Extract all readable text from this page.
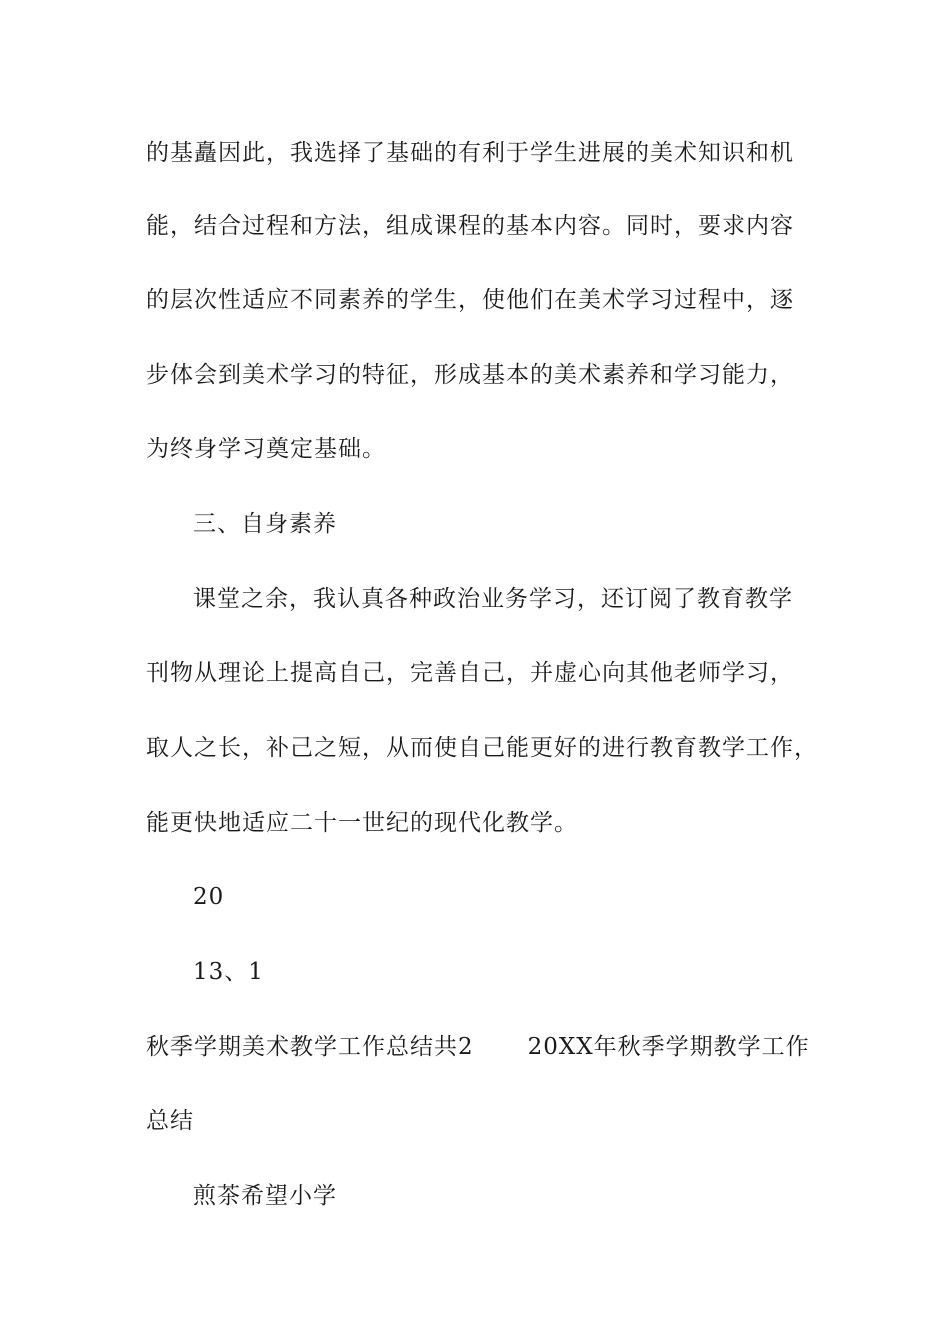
的基矗因此，我选择了基础的有利于学生进展的美术知识和机
能，结合过程和方法，组成课程的基本内容。同时，要求内容
的层次性适应不同素养的学生，使他们在美术学习过程中，逐
步体会到美术学习的特征，形成基本的美术素养和学习能力，
为终身学习奠定基础。
三、自身素养
课堂之余，我认真各种政治业务学习，还订阅了教育教学
刊物从理论上提高自己，完善自己，并虚心向其他老师学习，
取人之长，补己之短，从而使自己能更好的进行教育教学工作，
能更快地适应二十一世纪的现代化教学。
20
13、1
秋季学期美术教学工作总结共2 20XX年秋季学期教学工作
总结
煎茶希望小学
